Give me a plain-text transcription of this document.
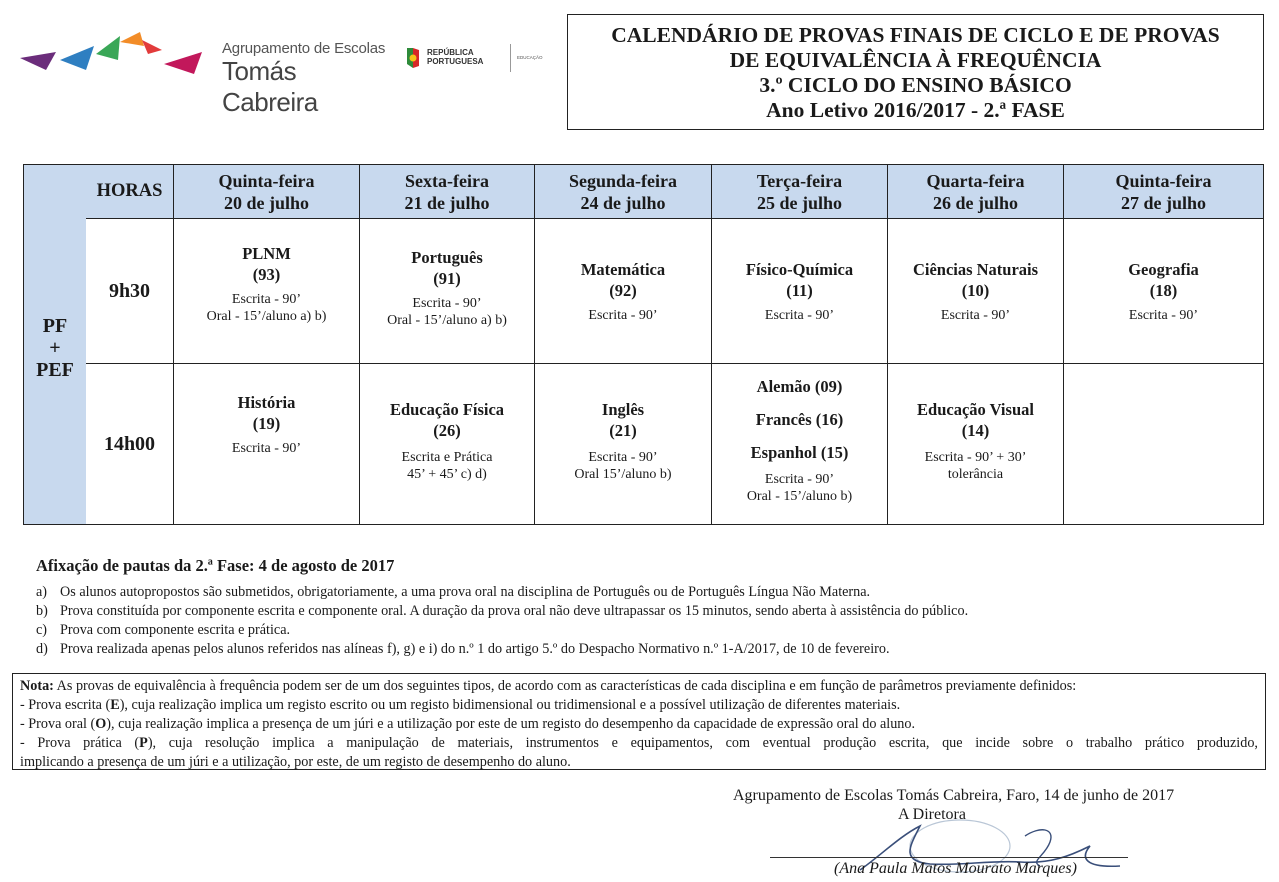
Agrupamento de Escolas
Tomás Cabreira
REPÚBLICA
PORTUGUESA	EDUCAÇÃO
CALENDÁRIO DE PROVAS FINAIS DE CICLO E DE PROVAS
DE EQUIVALÊNCIA À FREQUÊNCIA
3.º CICLO DO ENSINO BÁSICO
Ano Letivo 2016/2017 - 2.ª FASE
PF
+
PEF
HORAS	Quinta-feira
20 de julho
Sexta-feira
21 de julho
Segunda-feira
24 de julho
Terça-feira
25 de julho
Quarta-feira
26 de julho
Quinta-feira
27 de julho
9h30
PLNM
(93)
Escrita - 90’
Oral - 15’/aluno a) b)
Português
(91)
Escrita - 90’
Oral - 15’/aluno a) b)
Matemática
(92)
Escrita - 90’
Físico-Química
(11)
Escrita - 90’
Ciências Naturais
(10)
Escrita - 90’
Geografia
(18)
Escrita - 90’
14h00
História
(19)
Escrita - 90’
Educação Física
(26)
Escrita e Prática
45’ + 45’ c) d)
Inglês
(21)
Escrita - 90’
Oral 15’/aluno b)
Alemão (09)
Francês (16)
Espanhol (15)
Escrita - 90’
Oral - 15’/aluno b)
Educação Visual
(14)
Escrita - 90’ + 30’
tolerância
Afixação de pautas da 2.ª Fase: 4 de agosto de 2017
a) Os alunos autopropostos são submetidos, obrigatoriamente, a uma prova oral na disciplina de Português ou de Português Língua Não Materna.
b) Prova constituída por componente escrita e componente oral. A duração da prova oral não deve ultrapassar os 15 minutos, sendo aberta à assistência do público.
c) Prova com componente escrita e prática.
d) Prova realizada apenas pelos alunos referidos nas alíneas f), g) e i) do n.º 1 do artigo 5.º do Despacho Normativo n.º 1-A/2017, de 10 de fevereiro.
Nota: As provas de equivalência à frequência podem ser de um dos seguintes tipos, de acordo com as características de cada disciplina e em função de parâmetros previamente definidos:
- Prova escrita (E), cuja realização implica um registo escrito ou um registo bidimensional ou tridimensional e a possível utilização de diferentes materiais.
- Prova oral (O), cuja realização implica a presença de um júri e a utilização por este de um registo do desempenho da capacidade de expressão oral do aluno.
- Prova prática (P), cuja resolução implica a manipulação de materiais, instrumentos e equipamentos, com eventual produção escrita, que incide sobre o trabalho prático produzido,
implicando a presença de um júri e a utilização, por este, de um registo de desempenho do aluno.
Agrupamento de Escolas Tomás Cabreira, Faro, 14 de junho de 2017
A Diretora
(Ana Paula Matos Mourato Marques)
